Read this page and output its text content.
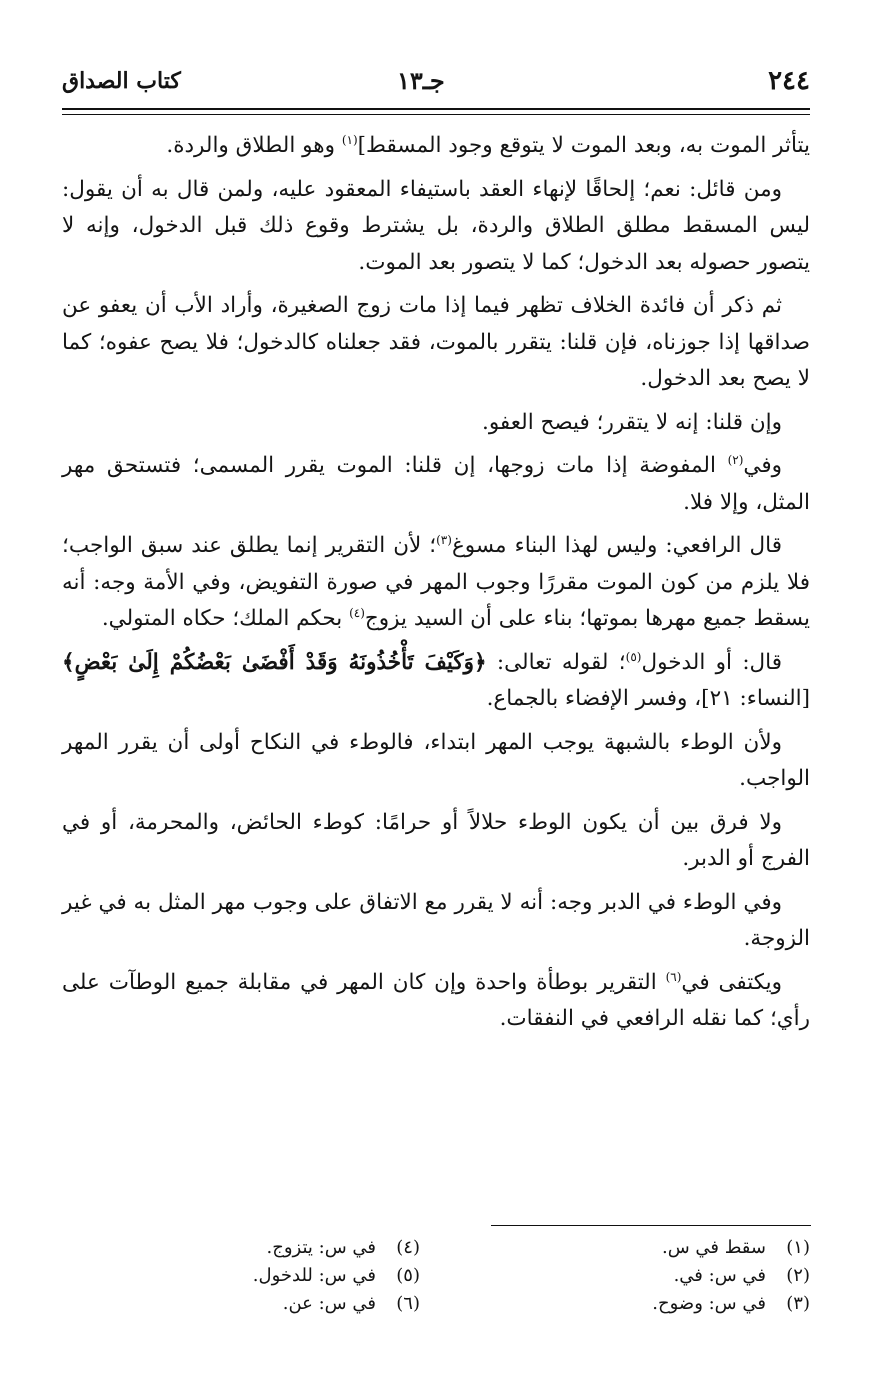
٢٤٤
جـ١٣
كتاب الصداق

يتأثر الموت به، وبعد الموت لا يتوقع وجود المسقط]$^{(١)}$ وهو الطلاق والردة.

ومن قائل: نعم؛ إلحاقًا لإنهاء العقد باستيفاء المعقود عليه، ولمن قال به أن يقول: ليس المسقط مطلق الطلاق والردة، بل يشترط وقوع ذلك قبل الدخول، وإنه لا يتصور حصوله بعد الدخول؛ كما لا يتصور بعد الموت.

ثم ذكر أن فائدة الخلاف تظهر فيما إذا مات زوج الصغيرة، وأراد الأب أن يعفو عن صداقها إذا جوزناه، فإن قلنا: يتقرر بالموت، فقد جعلناه كالدخول؛ فلا يصح عفوه؛ كما لا يصح بعد الدخول.

وإن قلنا: إنه لا يتقرر؛ فيصح العفو.

وفي$^{(٢)}$ المفوضة إذا مات زوجها، إن قلنا: الموت يقرر المسمى؛ فتستحق مهر المثل، وإلا فلا.

قال الرافعي: وليس لهذا البناء مسوغ$^{(٣)}$؛ لأن التقرير إنما يطلق عند سبق الواجب؛ فلا يلزم من كون الموت مقررًا وجوب المهر في صورة التفويض، وفي الأمة وجه: أنه يسقط جميع مهرها بموتها؛ بناء على أن السيد يزوج$^{(٤)}$ بحكم الملك؛ حكاه المتولي.

قال: أو الدخول$^{(٥)}$؛ لقوله تعالى: ﴿وَكَيْفَ تَأْخُذُونَهُ وَقَدْ أَفْضَىٰ بَعْضُكُمْ إِلَىٰ بَعْضٍ﴾ [النساء: ٢١]، وفسر الإفضاء بالجماع.

ولأن الوطء بالشبهة يوجب المهر ابتداء، فالوطء في النكاح أولى أن يقرر المهر الواجب.

ولا فرق بين أن يكون الوطء حلالاً أو حرامًا: كوطء الحائض، والمحرمة، أو في الفرج أو الدبر.

وفي الوطء في الدبر وجه: أنه لا يقرر مع الاتفاق على وجوب مهر المثل به في غير الزوجة.

ويكتفى في$^{(٦)}$ التقرير بوطأة واحدة وإن كان المهر في مقابلة جميع الوطآت على رأي؛ كما نقله الرافعي في النفقات.

(١)
سقط في س.
(٢)
في س: في.
(٣)
في س: وضوح.
(٤)
في س: يتزوج.
(٥)
في س: للدخول.
(٦)
في س: عن.
